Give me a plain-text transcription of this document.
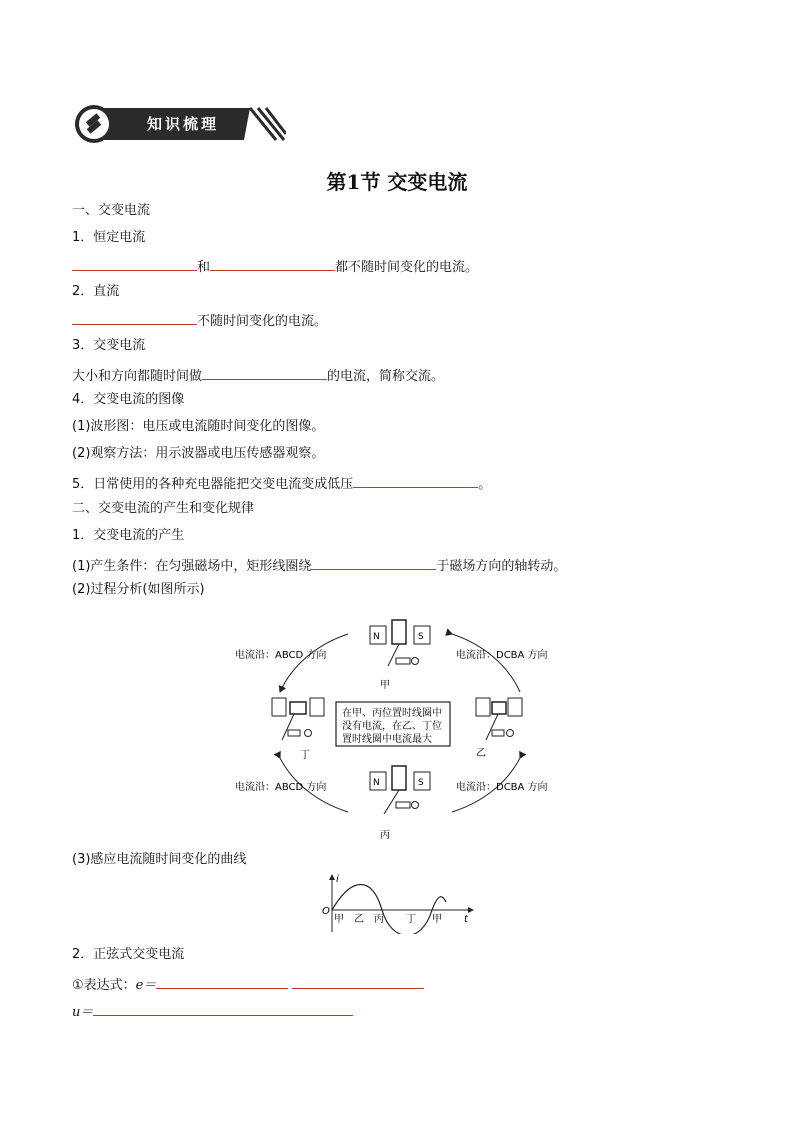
知识梳理
第1节 交变电流
一、交变电流
1．恒定电流
和	都不随时间变化的电流。
2．直流
不随时间变化的电流。
3．交变电流
大小和方向都随时间做	的电流，简称交流。
4．交变电流的图像
(1)波形图：电压或电流随时间变化的图像。
(2)观察方法：用示波器或电压传感器观察。
5．日常使用的各种充电器能把交变电流变成低压	。
二、交变电流的产生和变化规律
1．交变电流的产生
(1)产生条件：在匀强磁场中，矩形线圈绕	于磁场方向的轴转动。
(2)过程分析(如图所示)
N	S
N	S
电流沿：ABCD 方向	电流沿：DCBA 方向
电流沿：ABCD 方向	电流沿：DCBA 方向
甲
乙
丙
丁
在甲、丙位置时线圈中
没有电流，在乙、丁位
置时线圈中电流最大
(3)感应电流随时间变化的曲线
i
t
O
甲 乙 丙 丁 甲
2．正弦式交变电流
①表达式：e＝
u＝
